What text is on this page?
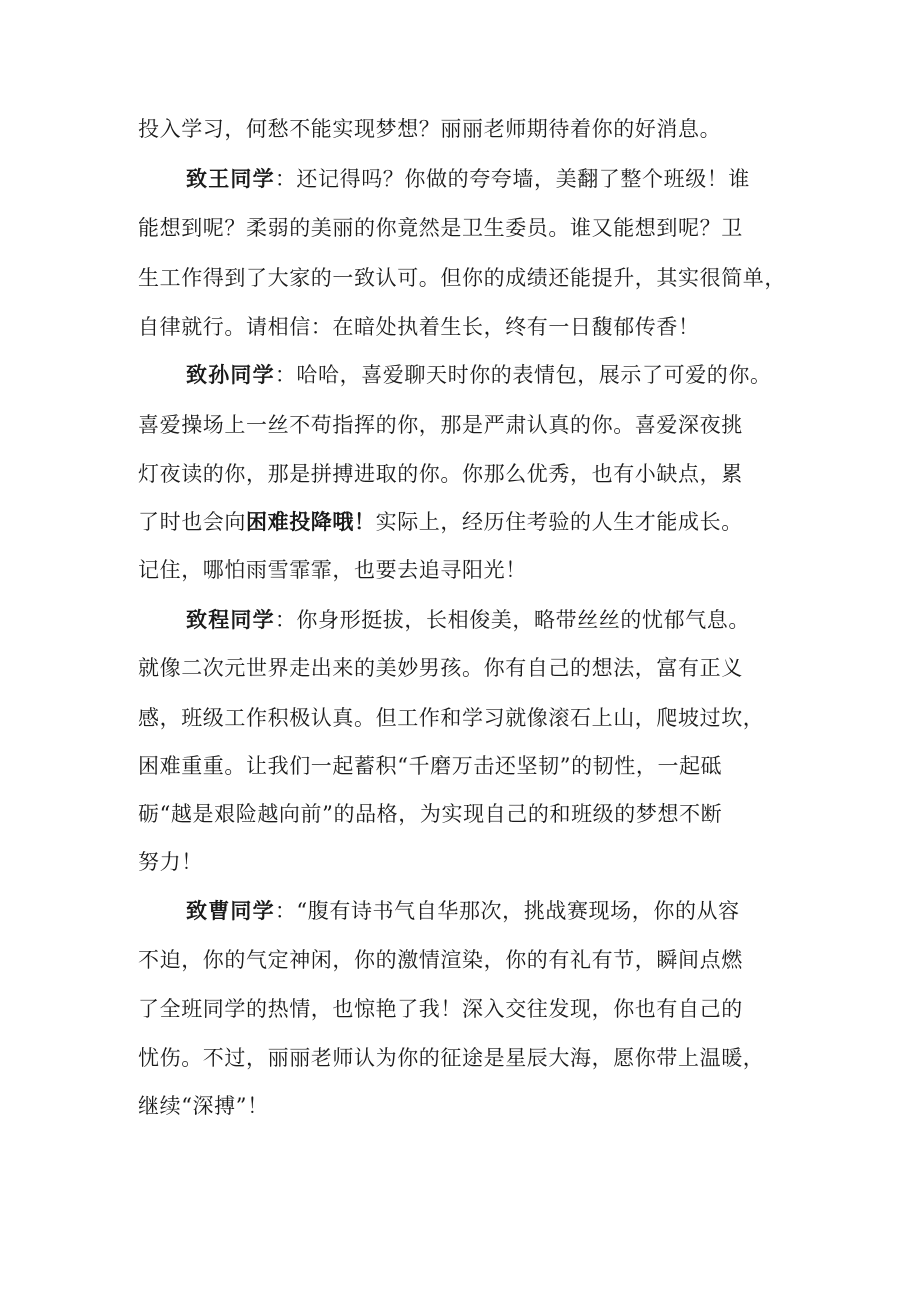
投入学习，何愁不能实现梦想？丽丽老师期待着你的好消息。
致王同学：还记得吗？你做的夸夸墙，美翻了整个班级！谁
能想到呢？柔弱的美丽的你竟然是卫生委员。谁又能想到呢？卫
生工作得到了大家的一致认可。但你的成绩还能提升，其实很简单，
自律就行。请相信：在暗处执着生长，终有一日馥郁传香！
致孙同学：哈哈，喜爱聊天时你的表情包，展示了可爱的你。
喜爱操场上一丝不苟指挥的你，那是严肃认真的你。喜爱深夜挑
灯夜读的你，那是拼搏进取的你。你那么优秀，也有小缺点，累
了时也会向困难投降哦！实际上，经历住考验的人生才能成长。
记住，哪怕雨雪霏霏，也要去追寻阳光！
致程同学：你身形挺拔，长相俊美，略带丝丝的忧郁气息。
就像二次元世界走出来的美妙男孩。你有自己的想法，富有正义
感，班级工作积极认真。但工作和学习就像滚石上山，爬坡过坎，
困难重重。让我们一起蓄积“千磨万击还坚韧”的韧性，一起砥
砺“越是艰险越向前”的品格，为实现自己的和班级的梦想不断
努力！
致曹同学：“腹有诗书气自华那次，挑战赛现场，你的从容
不迫，你的气定神闲，你的激情渲染，你的有礼有节，瞬间点燃
了全班同学的热情，也惊艳了我！深入交往发现，你也有自己的
忧伤。不过，丽丽老师认为你的征途是星辰大海，愿你带上温暖，
继续“深搏”！
